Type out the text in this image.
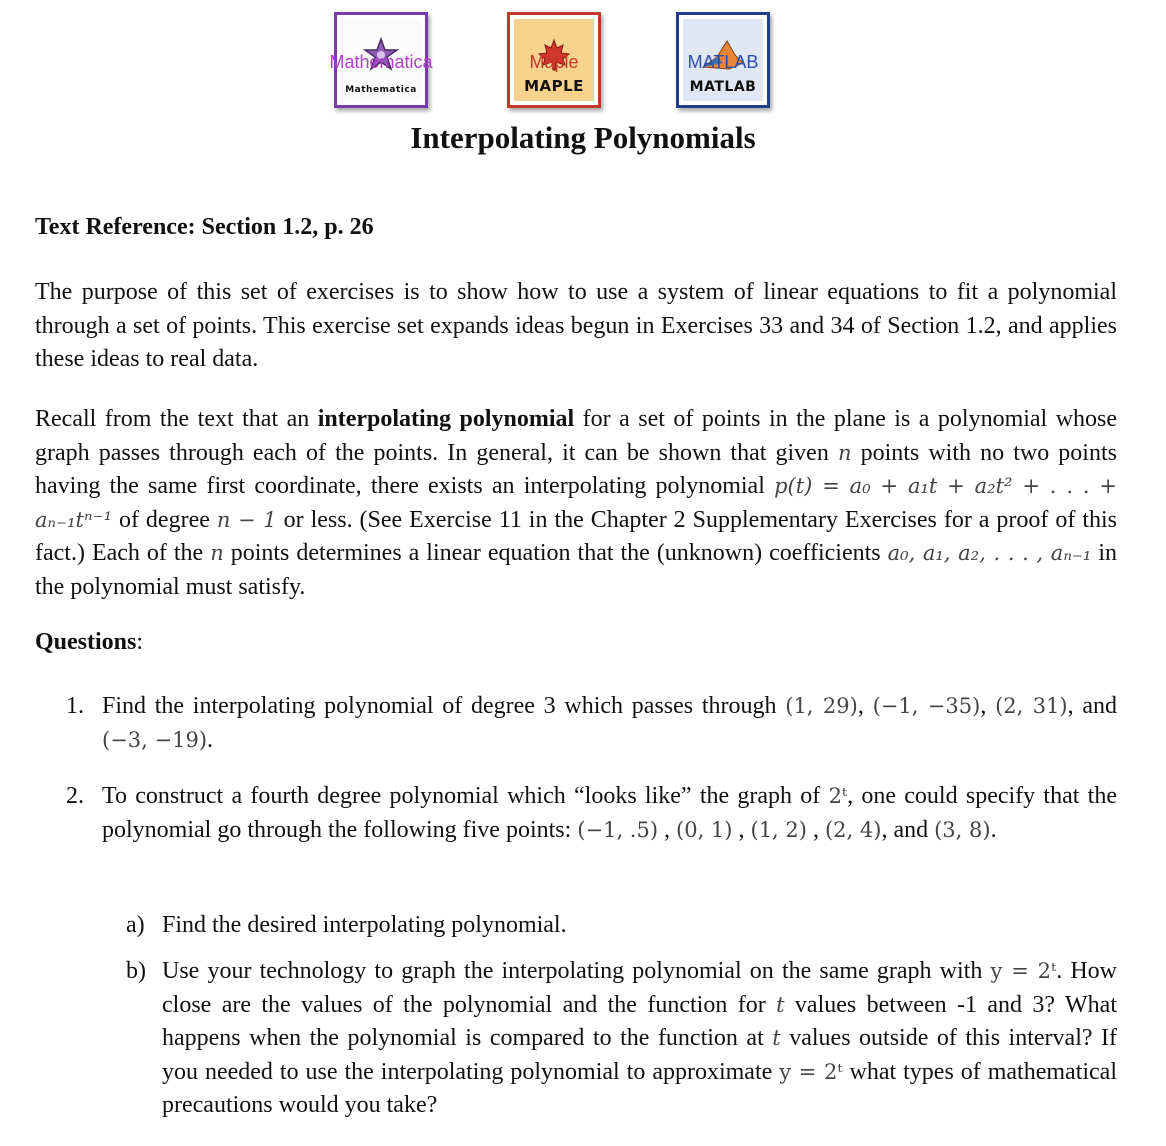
Mathematica
Mathematica
Maple
MAPLE
MATLAB
MATLAB
Interpolating Polynomials
Text Reference: Section 1.2, p. 26

The purpose of this set of exercises is to show how to use a system of linear equations to fit a polynomial through a set of points. This exercise set expands ideas begun in Exercises 33 and 34 of Section 1.2, and applies these ideas to real data.

Recall from the text that an interpolating polynomial for a set of points in the plane is a polynomial whose graph passes through each of the points. In general, it can be shown that given n points with no two points having the same first coordinate, there exists an interpolating polynomial p(t) = a₀ + a₁t + a₂t² + . . . + aₙ₋₁tⁿ⁻¹ of degree n − 1 or less. (See Exercise 11 in the Chapter 2 Supplementary Exercises for a proof of this fact.) Each of the n points determines a linear equation that the (unknown) coefficients a₀, a₁, a₂, . . . , aₙ₋₁ in the polynomial must satisfy.

Questions:
1. Find the interpolating polynomial of degree 3 which passes through (1, 29), (−1, −35), (2, 31), and (−3, −19).
2. To construct a fourth degree polynomial which “looks like” the graph of 2ᵗ, one could specify that the polynomial go through the following five points: (−1, .5) , (0, 1) , (1, 2) , (2, 4), and (3, 8).
a) Find the desired interpolating polynomial.
b) Use your technology to graph the interpolating polynomial on the same graph with y = 2ᵗ. How close are the values of the polynomial and the function for t values between -1 and 3? What happens when the polynomial is compared to the function at t values outside of this interval? If you needed to use the interpolating polynomial to approximate y = 2ᵗ what types of mathematical precautions would you take?
